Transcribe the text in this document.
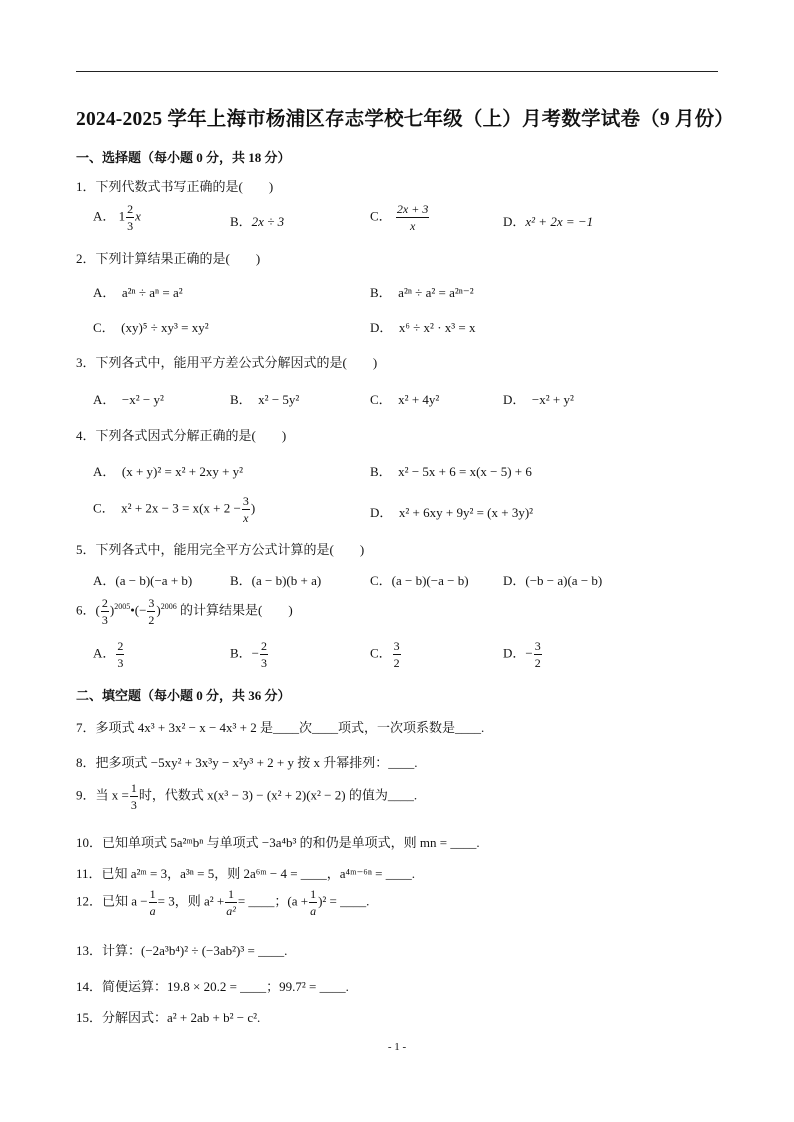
2024-2025 学年上海市杨浦区存志学校七年级（上）月考数学试卷（9 月份）
一、选择题（每小题 0 分，共 18 分）
1．下列代数式书写正确的是(　　)
A． $1 \frac{2}{3}$ x	B．2x ÷ 3	C． $\frac{2x + 3}{x}$	D．x² + 2x = −1
2．下列计算结果正确的是(　　)
A．　a²ⁿ ÷ aⁿ = a²	B．　a²ⁿ ÷ a² = a²ⁿ⁻²
C．　(xy)⁵ ÷ xy³ = xy²	D．　x⁶ ÷ x² · x³ = x
3．下列各式中，能用平方差公式分解因式的是(　　)
A．　−x² − y²	B．　x² − 5y²	C．　x² + 4y²	D．　−x² + y²
4．下列各式因式分解正确的是(　　)
A．　(x + y)² = x² + 2xy + y²	B．　x² − 5x + 6 = x(x − 5) + 6
C．　$x^2 + 2x - 3 = x(x + 2 - \frac{3}{x}$ )	D．　x² + 6xy + 9y² = (x + 3y)²
5．下列各式中，能用完全平方公式计算的是(　　)
A．(a − b)(−a + b)	B．(a − b)(b + a)	C．(a − b)(−a − b)	D．(−b − a)(a − b)
6．( $\frac{2}{3}$ )$^{2005}$•(− $\frac{3}{2} )^{2006}$ 的计算结果是(　　)
A． $\frac{2}{3}$	B．− $\frac{2}{3}$	C． $\frac{3}{2}$	D．− $\frac{3}{2}$
二、填空题（每小题 0 分，共 36 分）
7．多项式 4x³ + 3x² − x − 4x³ + 2 是____次____项式，一次项系数是____.
8．把多项式 −5xy² + 3x³y − x²y³ + 2 + y 按 x 升幂排列：____.
9．当 $x = \frac{1}{3}$ 时，代数式 x(x³ − 3) − (x² + 2)(x² − 2) 的值为____.
10．已知单项式 5a²ᵐbⁿ 与单项式 −3a⁴b³ 的和仍是单项式，则 mn = ____.
11．已知 a²ᵐ = 3，a³ⁿ = 5，则 2a⁶ᵐ − 4 = ____，a⁴ᵐ⁻⁶ⁿ = ____.
12．已知 $a - \frac{1}{a} = 3$，则 $a^2 + \frac{1}{\text{a²}}$ = ____；$(a + \frac{1}{a} )^2$ = ____.
13．计算：(−2a³b⁴)² ÷ (−3ab²)³ = ____.
14．简便运算：19.8 × 20.2 = ____；99.7² = ____.
15．分解因式：a² + 2ab + b² − c².
- 1 -
